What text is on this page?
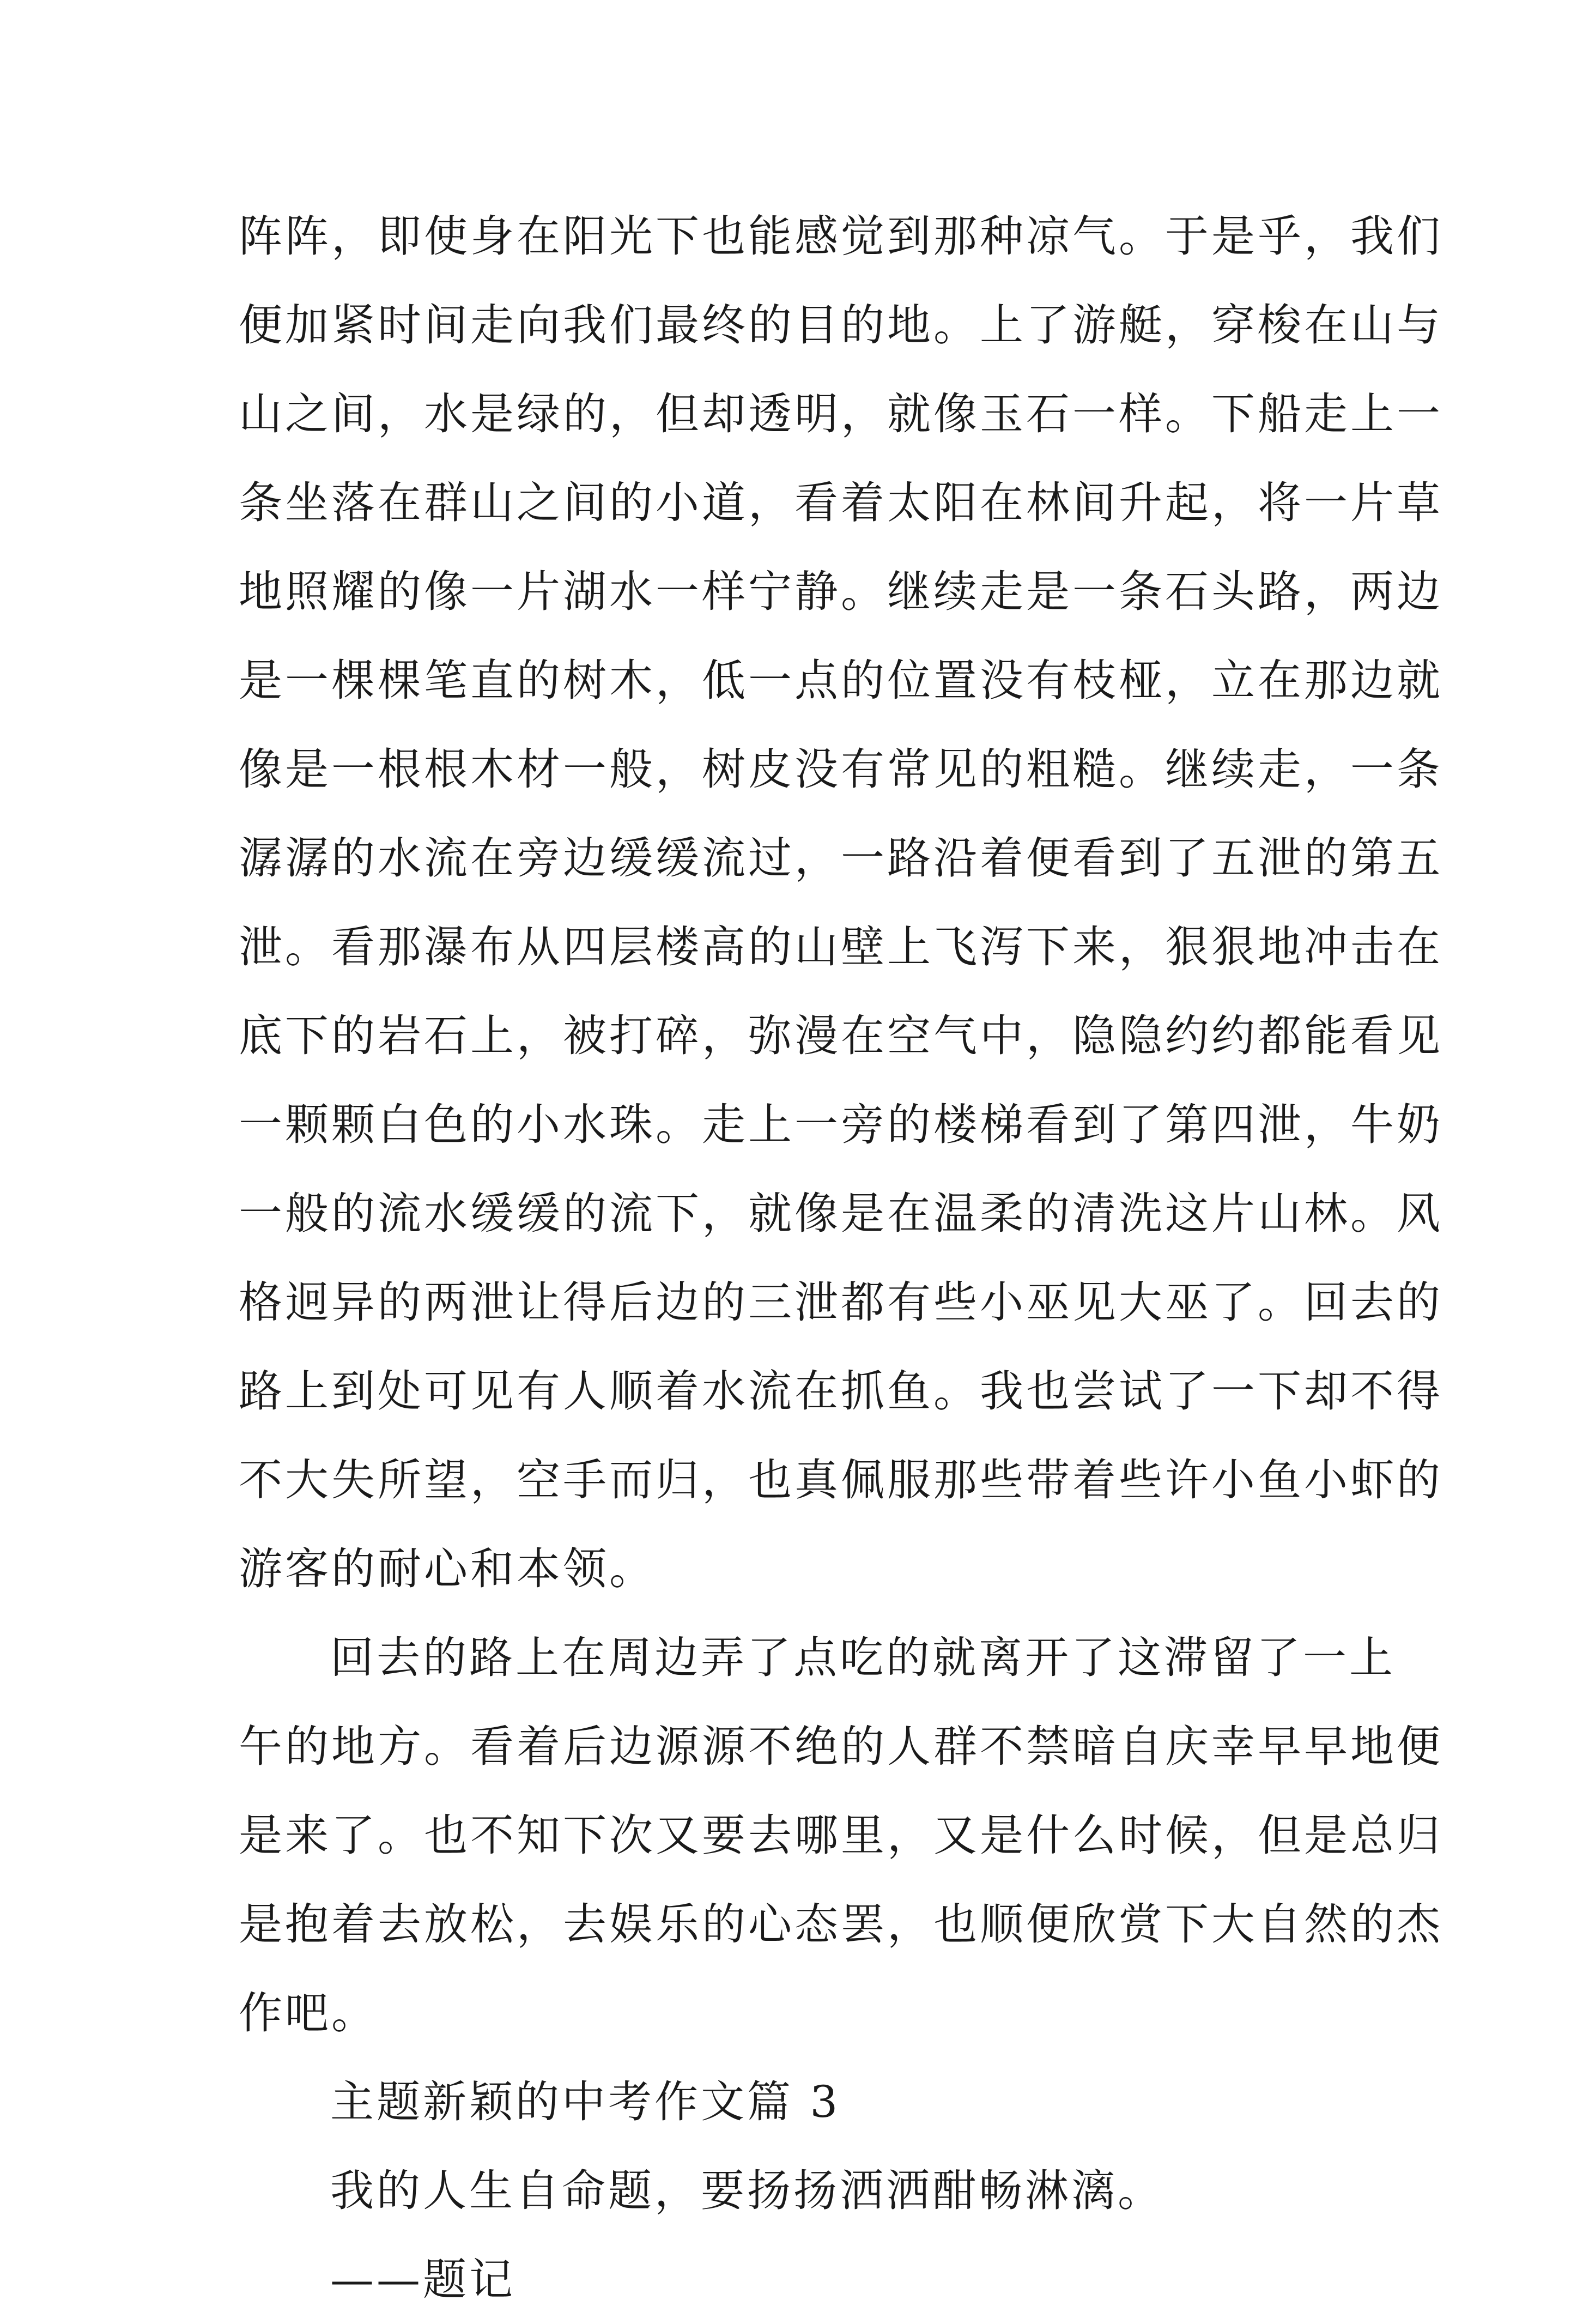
阵阵，即使身在阳光下也能感觉到那种凉气。于是乎，我们
便加紧时间走向我们最终的目的地。上了游艇，穿梭在山与
山之间，水是绿的，但却透明，就像玉石一样。下船走上一
条坐落在群山之间的小道，看着太阳在林间升起，将一片草
地照耀的像一片湖水一样宁静。继续走是一条石头路，两边
是一棵棵笔直的树木，低一点的位置没有枝桠，立在那边就
像是一根根木材一般，树皮没有常见的粗糙。继续走，一条
潺潺的水流在旁边缓缓流过，一路沿着便看到了五泄的第五
泄。看那瀑布从四层楼高的山壁上飞泻下来，狠狠地冲击在
底下的岩石上，被打碎，弥漫在空气中，隐隐约约都能看见
一颗颗白色的小水珠。走上一旁的楼梯看到了第四泄，牛奶
一般的流水缓缓的流下，就像是在温柔的清洗这片山林。风
格迥异的两泄让得后边的三泄都有些小巫见大巫了。回去的
路上到处可见有人顺着水流在抓鱼。我也尝试了一下却不得
不大失所望，空手而归，也真佩服那些带着些许小鱼小虾的
游客的耐心和本领。
回去的路上在周边弄了点吃的就离开了这滞留了一上
午的地方。看着后边源源不绝的人群不禁暗自庆幸早早地便
是来了。也不知下次又要去哪里，又是什么时候，但是总归
是抱着去放松，去娱乐的心态罢，也顺便欣赏下大自然的杰
作吧。
主题新颖的中考作文篇 3
我的人生自命题，要扬扬洒洒酣畅淋漓。
——题记
